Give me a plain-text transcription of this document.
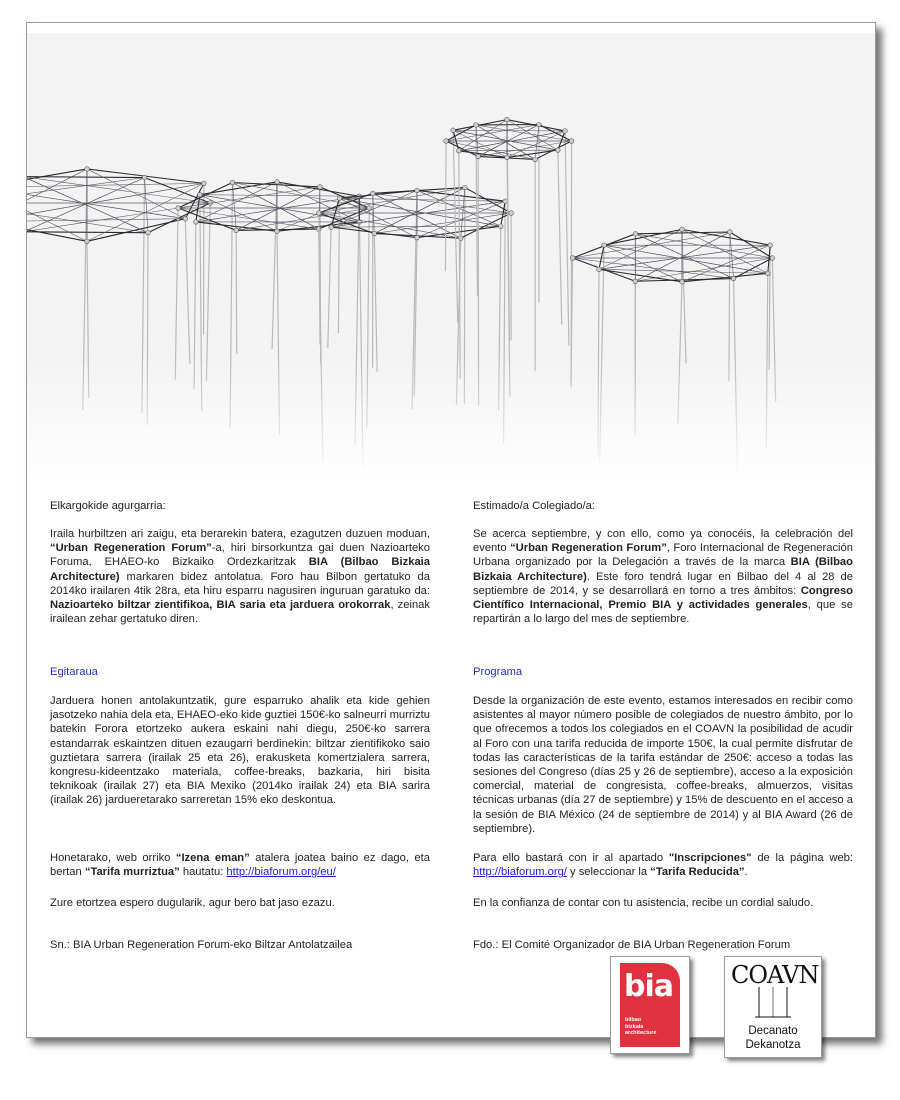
Elkargokide agurgarria:

Iraila hurbiltzen ari zaigu, eta berarekin batera, ezagutzen duzuen moduan, “Urban Regeneration Forum”-a, hiri birsorkuntza gai duen Nazioarteko Foruma, EHAEO-ko Bizkaiko Ordezkaritzak BIA (Bilbao Bizkaia Architecture) markaren bidez antolatua. Foro hau Bilbon gertatuko da 2014ko irailaren 4tik 28ra, eta hiru esparru nagusiren inguruan garatuko da: Nazioarteko biltzar zientifikoa, BIA saria eta jarduera orokorrak, zeinak irailean zehar gertatuko diren.

Egitaraua

Jarduera honen antolakuntzatik, gure esparruko ahalik eta kide gehien jasotzeko nahia dela eta, EHAEO-eko kide guztiei 150€-ko salneurri murriztu batekin Forora etortzeko aukera eskaini nahi diegu, 250€-ko sarrera estandarrak eskaintzen dituen ezaugarri berdinekin: biltzar zientifikoko saio guztietara sarrera (irailak 25 eta 26), erakusketa komertzialera sarrera, kongresu-kideentzako materiala, coffee-breaks, bazkaria, hiri bisita teknikoak (irailak 27) eta BIA Mexiko (2014ko irailak 24) eta BIA sarira (irailak 26) jardueretarako sarreretan 15% eko deskontua.

Honetarako, web orriko “Izena eman” atalera joatea baino ez dago, eta bertan “Tarifa murriztua” hautatu: http://biaforum.org/eu/

Zure etortzea espero dugularik, agur bero bat jaso ezazu.

Sn.: BIA Urban Regeneration Forum-eko Biltzar Antolatzailea

Estimado/a Colegiado/a:

Se acerca septiembre, y con ello, como ya conocéis, la celebración del evento “Urban Regeneration Forum”, Foro Internacional de Regeneración Urbana organizado por la Delegación a través de la marca BIA (Bilbao Bizkaia Architecture). Este foro tendrá lugar en Bilbao del 4 al 28 de septiembre de 2014, y se desarrollará en torno a tres ámbitos: Congreso Científico Internacional, Premio BIA y actividades generales, que se repartirán a lo largo del mes de septiembre.

Programa

Desde la organización de este evento, estamos interesados en recibir como asistentes al mayor número posible de colegiados de nuestro ámbito, por lo que ofrecemos a todos los colegiados en el COAVN la posibilidad de acudir al Foro con una tarifa reducida de importe 150€, la cual permite disfrutar de todas las características de la tarifa estándar de 250€: acceso a todas las sesiones del Congreso (días 25 y 26 de septiembre), acceso a la exposición comercial, material de congresista, coffee-breaks, almuerzos, visitas técnicas urbanas (día 27 de septiembre) y 15% de descuento en el acceso a la sesión de BIA México (24 de septiembre de 2014) y al BIA Award (26 de septiembre).

Para ello bastará con ir al apartado "Inscripciones" de la página web: http://biaforum.org/ y seleccionar la “Tarifa Reducida”.

En la confianza de contar con tu asistencia, recibe un cordial saludo.

Fdo.: El Comité Organizador de BIA Urban Regeneration Forum

bia
bilbao
bizkaia
architecture
COAVN
Decanato
Dekanotza
